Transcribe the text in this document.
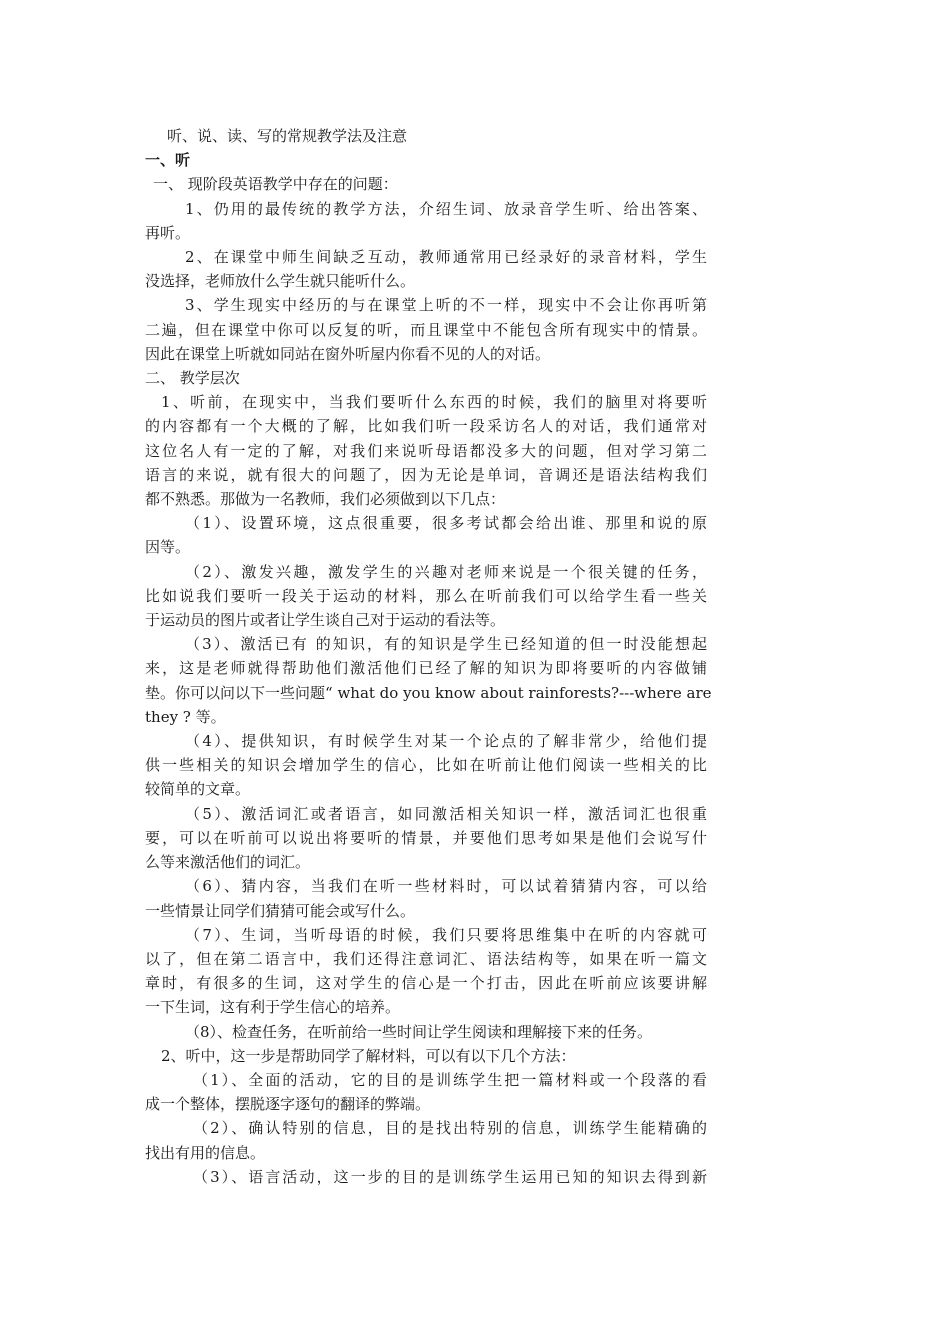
听、说、读、写的常规教学法及注意

一、听

一、 现阶段英语教学中存在的问题：

1、仍用的最传统的教学方法，介绍生词、放录音学生听、给出答案、

再听。

2、在课堂中师生间缺乏互动，教师通常用已经录好的录音材料，学生

没选择，老师放什么学生就只能听什么。

3、学生现实中经历的与在课堂上听的不一样，现实中不会让你再听第

二遍，但在课堂中你可以反复的听，而且课堂中不能包含所有现实中的情景。

因此在课堂上听就如同站在窗外听屋内你看不见的人的对话。

二、 教学层次

1、听前，在现实中，当我们要听什么东西的时候，我们的脑里对将要听

的内容都有一个大概的了解，比如我们听一段采访名人的对话，我们通常对

这位名人有一定的了解，对我们来说听母语都没多大的问题，但对学习第二

语言的来说，就有很大的问题了，因为无论是单词，音调还是语法结构我们

都不熟悉。那做为一名教师，我们必须做到以下几点：

（1）、设置环境，这点很重要，很多考试都会给出谁、那里和说的原

因等。

（2）、激发兴趣，激发学生的兴趣对老师来说是一个很关键的任务，

比如说我们要听一段关于运动的材料，那么在听前我们可以给学生看一些关

于运动员的图片或者让学生谈自己对于运动的看法等。

（3）、激活已有 的知识，有的知识是学生已经知道的但一时没能想起

来，这是老师就得帮助他们激活他们已经了解的知识为即将要听的内容做铺

垫。你可以问以下一些问题“ what do you know about rainforests?---where are

they ? 等。

（4）、提供知识，有时候学生对某一个论点的了解非常少，给他们提

供一些相关的知识会增加学生的信心，比如在听前让他们阅读一些相关的比

较简单的文章。

（5）、激活词汇或者语言，如同激活相关知识一样，激活词汇也很重

要，可以在听前可以说出将要听的情景，并要他们思考如果是他们会说写什

么等来激活他们的词汇。

（6）、猜内容，当我们在听一些材料时，可以试着猜猜内容，可以给

一些情景让同学们猜猜可能会或写什么。

（7）、生词，当听母语的时候，我们只要将思维集中在听的内容就可

以了，但在第二语言中，我们还得注意词汇、语法结构等，如果在听一篇文

章时，有很多的生词，这对学生的信心是一个打击，因此在听前应该要讲解

一下生词，这有利于学生信心的培养。

（8）、检查任务，在听前给一些时间让学生阅读和理解接下来的任务。

2、听中，这一步是帮助同学了解材料，可以有以下几个方法：

（1）、全面的活动，它的目的是训练学生把一篇材料或一个段落的看

成一个整体，摆脱逐字逐句的翻译的弊端。

（2）、确认特别的信息，目的是找出特别的信息，训练学生能精确的

找出有用的信息。

（3）、语言活动，这一步的目的是训练学生运用已知的知识去得到新
